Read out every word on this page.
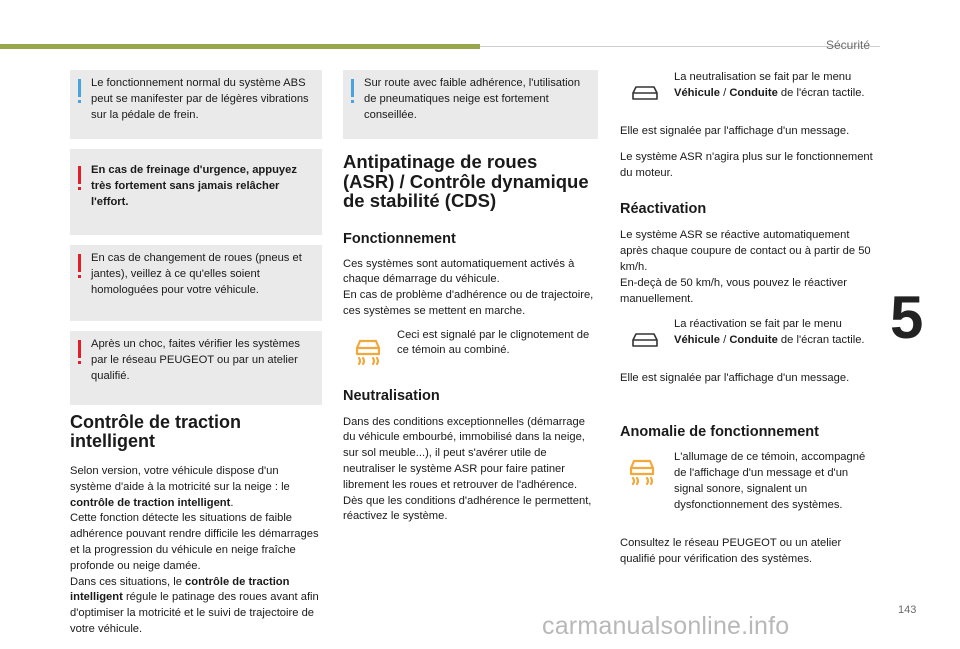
Sécurité
5
143
carmanualsonline.info

Le fonctionnement normal du système ABS peut se manifester par de légères vibrations sur la pédale de frein.

En cas de freinage d'urgence, appuyez très fortement sans jamais relâcher l'effort.

En cas de changement de roues (pneus et jantes), veillez à ce qu'elles soient homologuées pour votre véhicule.

Après un choc, faites vérifier les systèmes par le réseau PEUGEOT ou par un atelier qualifié.

Contrôle de traction
intelligent

Selon version, votre véhicule dispose d'un système d'aide à la motricité sur la neige : le contrôle de traction intelligent.

Cette fonction détecte les situations de faible adhérence pouvant rendre difficile les démarrages et la progression du véhicule en neige fraîche profonde ou neige damée.

Dans ces situations, le contrôle de traction intelligent régule le patinage des roues avant afin d'optimiser la motricité et le suivi de trajectoire de votre véhicule.

Sur route avec faible adhérence, l'utilisation de pneumatiques neige est fortement conseillée.

Antipatinage de roues
(ASR) / Contrôle dynamique
de stabilité (CDS)
Fonctionnement

Ces systèmes sont automatiquement activés à chaque démarrage du véhicule.

En cas de problème d'adhérence ou de trajectoire, ces systèmes se mettent en marche.

Ceci est signalé par le clignotement de ce témoin au combiné.

Neutralisation

Dans des conditions exceptionnelles (démarrage du véhicule embourbé, immobilisé dans la neige, sur sol meuble...), il peut s'avérer utile de neutraliser le système ASR pour faire patiner librement les roues et retrouver de l'adhérence.

Dès que les conditions d'adhérence le permettent, réactivez le système.

La neutralisation se fait par le menu Véhicule / Conduite de l'écran tactile.

Elle est signalée par l'affichage d'un message.

Le système ASR n'agira plus sur le fonctionnement du moteur.

Réactivation

Le système ASR se réactive automatiquement après chaque coupure de contact ou à partir de 50 km/h.

En-deçà de 50 km/h, vous pouvez le réactiver manuellement.

La réactivation se fait par le menu Véhicule / Conduite de l'écran tactile.

Elle est signalée par l'affichage d'un message.

Anomalie de fonctionnement

L'allumage de ce témoin, accompagné de l'affichage d'un message et d'un signal sonore, signalent un dysfonctionnement des systèmes.

Consultez le réseau PEUGEOT ou un atelier qualifié pour vérification des systèmes.
